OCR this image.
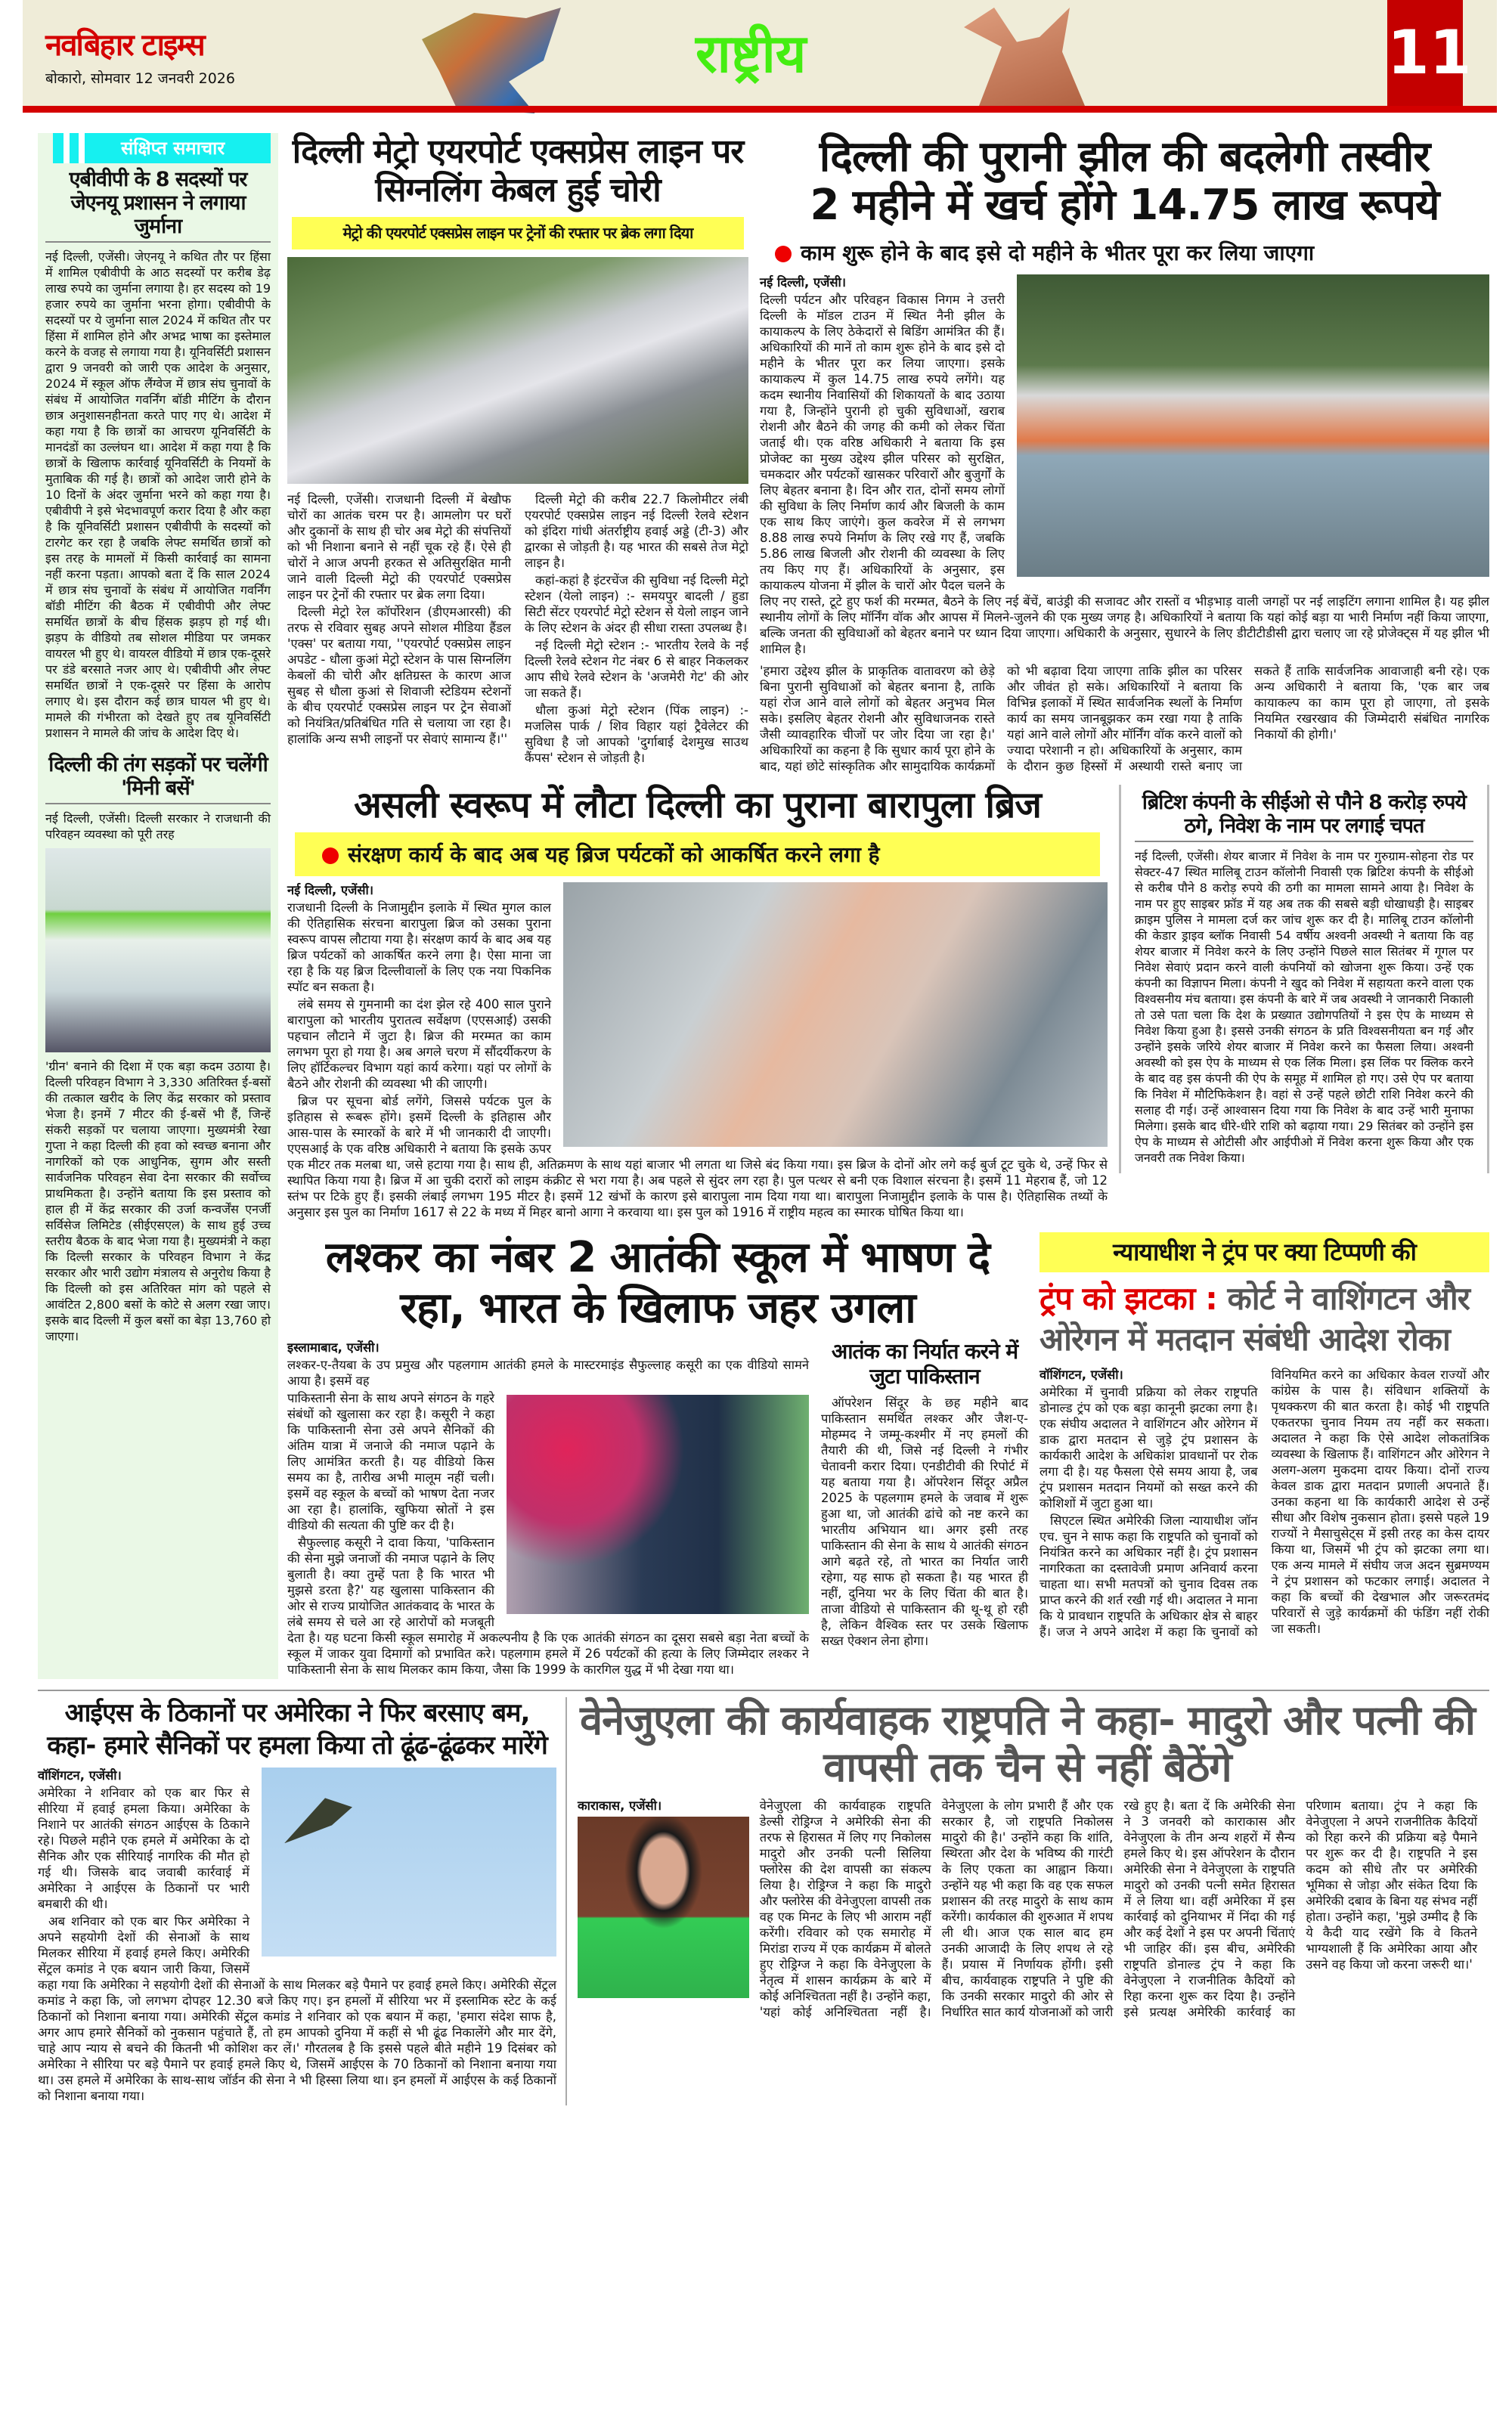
नवबिहार टाइम्स
बोकारो, सोमवार 12 जनवरी 2026	राष्ट्रीय	11
संक्षिप्त समाचार
एबीवीपी के 8 सदस्यों पर जेएनयू प्रशासन ने लगाया जुर्माना

नई दिल्ली, एजेंसी। जेएनयू ने कथित तौर पर हिंसा में शामिल एबीवीपी के आठ सदस्यों पर करीब डेढ़ लाख रुपये का जुर्माना लगाया है। हर सदस्य को 19 हजार रुपये का जुर्माना भरना होगा। एबीवीपी के सदस्यों पर ये जुर्माना साल 2024 में कथित तौर पर हिंसा में शामिल होने और अभद्र भाषा का इस्तेमाल करने के वजह से लगाया गया है। यूनिवर्सिटी प्रशासन द्वारा 9 जनवरी को जारी एक आदेश के अनुसार, 2024 में स्कूल ऑफ लैंग्वेज में छात्र संघ चुनावों के संबंध में आयोजित गवर्निंग बॉडी मीटिंग के दौरान छात्र अनुशासनहीनता करते पाए गए थे। आदेश में कहा गया है कि छात्रों का आचरण यूनिवर्सिटी के मानदंडों का उल्लंघन था। आदेश में कहा गया है कि छात्रों के खिलाफ कार्रवाई यूनिवर्सिटी के नियमों के मुताबिक की गई है। छात्रों को आदेश जारी होने के 10 दिनों के अंदर जुर्माना भरने को कहा गया है। एबीवीपी ने इसे भेदभावपूर्ण करार दिया है और कहा है कि यूनिवर्सिटी प्रशासन एबीवीपी के सदस्यों को टारगेट कर रहा है जबकि लेफ्ट समर्थित छात्रों को इस तरह के मामलों में किसी कार्रवाई का सामना नहीं करना पड़ता। आपको बता दें कि साल 2024 में छात्र संघ चुनावों के संबंध में आयोजित गवर्निंग बॉडी मीटिंग की बैठक में एबीवीपी और लेफ्ट समर्थित छात्रों के बीच हिंसक झड़प हो गई थी। झड़प के वीडियो तब सोशल मीडिया पर जमकर वायरल भी हुए थे। वायरल वीडियो में छात्र एक-दूसरे पर डंडे बरसाते नजर आए थे। एबीवीपी और लेफ्ट समर्थित छात्रों ने एक-दूसरे पर हिंसा के आरोप लगाए थे। इस दौरान कई छात्र घायल भी हुए थे। मामले की गंभीरता को देखते हुए तब यूनिवर्सिटी प्रशासन ने मामले की जांच के आदेश दिए थे।

दिल्ली की तंग सड़कों पर चलेंगी 'मिनी बसें'
नई दिल्ली, एजेंसी। दिल्ली सरकार ने राजधानी की परिवहन व्यवस्था को पूरी तरह

'ग्रीन' बनाने की दिशा में एक बड़ा कदम उठाया है। दिल्ली परिवहन विभाग ने 3,330 अतिरिक्त ई-बसों की तत्काल खरीद के लिए केंद्र सरकार को प्रस्ताव भेजा है। इनमें 7 मीटर की ई-बसें भी हैं, जिन्हें संकरी सड़कों पर चलाया जाएगा। मुख्यमंत्री रेखा गुप्ता ने कहा दिल्ली की हवा को स्वच्छ बनाना और नागरिकों को एक आधुनिक, सुगम और सस्ती सार्वजनिक परिवहन सेवा देना सरकार की सर्वोच्च प्राथमिकता है। उन्होंने बताया कि इस प्रस्ताव को हाल ही में केंद्र सरकार की उर्जा कन्वर्जेंस एनर्जी सर्विसेज लिमिटेड (सीईएसएल) के साथ हुई उच्च स्तरीय बैठक के बाद भेजा गया है। मुख्यमंत्री ने कहा कि दिल्ली सरकार के परिवहन विभाग ने केंद्र सरकार और भारी उद्योग मंत्रालय से अनुरोध किया है कि दिल्ली को इस अतिरिक्त मांग को पहले से आवंटित 2,800 बसों के कोटे से अलग रखा जाए। इसके बाद दिल्ली में कुल बसों का बेड़ा 13,760 हो जाएगा।

दिल्ली मेट्रो एयरपोर्ट एक्सप्रेस लाइन पर सिग्नलिंग केबल हुई चोरी
मेट्रो की एयरपोर्ट एक्सप्रेस लाइन पर ट्रेनों की रफ्तार पर ब्रेक लगा दिया

नई दिल्ली, एजेंसी। राजधानी दिल्ली में बेखौफ चोरों का आतंक चरम पर है। आमलोग पर घरों और दुकानों के साथ ही चोर अब मेट्रो की संपत्तियों को भी निशाना बनाने से नहीं चूक रहे हैं। ऐसे ही चोरों ने आज अपनी हरकत से अतिसुरक्षित मानी जाने वाली दिल्ली मेट्रो की एयरपोर्ट एक्सप्रेस लाइन पर ट्रेनों की रफ्तार पर ब्रेक लगा दिया।

दिल्ली मेट्रो रेल कॉर्पोरेशन (डीएमआरसी) की तरफ से रविवार सुबह अपने सोशल मीडिया हैंडल 'एक्स' पर बताया गया, ''एयरपोर्ट एक्सप्रेस लाइन अपडेट - धौला कुआं मेट्रो स्टेशन के पास सिग्नलिंग केबलों की चोरी और क्षतिग्रस्त के कारण आज सुबह से धौला कुआं से शिवाजी स्टेडियम स्टेशनों के बीच एयरपोर्ट एक्सप्रेस लाइन पर ट्रेन सेवाओं को नियंत्रित/प्रतिबंधित गति से चलाया जा रहा है। हालांकि अन्य सभी लाइनों पर सेवाएं सामान्य हैं।''

दिल्ली मेट्रो की करीब 22.7 किलोमीटर लंबी एयरपोर्ट एक्सप्रेस लाइन नई दिल्ली रेलवे स्टेशन को इंदिरा गांधी अंतर्राष्ट्रीय हवाई अड्डे (टी-3) और द्वारका से जोड़ती है। यह भारत की सबसे तेज मेट्रो लाइन है।

कहां-कहां है इंटरचेंज की सुविधा नई दिल्ली मेट्रो स्टेशन (येलो लाइन) :- समयपुर बादली / हुडा सिटी सेंटर एयरपोर्ट मेट्रो स्टेशन से येलो लाइन जाने के लिए स्टेशन के अंदर ही सीधा रास्ता उपलब्ध है।

नई दिल्ली मेट्रो स्टेशन :- भारतीय रेलवे के नई दिल्ली रेलवे स्टेशन गेट नंबर 6 से बाहर निकलकर आप सीधे रेलवे स्टेशन के 'अजमेरी गेट' की ओर जा सकते हैं।

धौला कुआं मेट्रो स्टेशन (पिंक लाइन) :- मजलिस पार्क / शिव विहार यहां ट्रैवेलेटर की सुविधा है जो आपको 'दुर्गाबाई देशमुख साउथ कैंपस' स्टेशन से जोड़ती है।

दिल्ली की पुरानी झील की बदलेगी तस्वीर
2 महीने में खर्च होंगे 14.75 लाख रूपये
काम शुरू होने के बाद इसे दो महीने के भीतर पूरा कर लिया जाएगा

नई दिल्ली, एजेंसी।

दिल्ली पर्यटन और परिवहन विकास निगम ने उत्तरी दिल्ली के मॉडल टाउन में स्थित नैनी झील के कायाकल्प के लिए ठेकेदारों से बिडिंग आमंत्रित की हैं। अधिकारियों की मानें तो काम शुरू होने के बाद इसे दो महीने के भीतर पूरा कर लिया जाएगा। इसके कायाकल्प में कुल 14.75 लाख रुपये लगेंगे। यह कदम स्थानीय निवासियों की शिकायतों के बाद उठाया गया है, जिन्होंने पुरानी हो चुकी सुविधाओं, खराब रोशनी और बैठने की जगह की कमी को लेकर चिंता जताई थी। एक वरिष्ठ अधिकारी ने बताया कि इस प्रोजेक्ट का मुख्य उद्देश्य झील परिसर को सुरक्षित, चमकदार और पर्यटकों खासकर परिवारों और बुजुर्गों के लिए बेहतर बनाना है। दिन और रात, दोनों समय लोगों की सुविधा के लिए निर्माण कार्य और बिजली के काम एक साथ किए जाएंगे। कुल कवरेज में से लगभग 8.88 लाख रुपये निर्माण के लिए रखे गए हैं, जबकि 5.86 लाख बिजली और रोशनी की व्यवस्था के लिए तय किए गए हैं। अधिकारियों के अनुसार, इस कायाकल्प योजना में झील के चारों ओर पैदल चलने के लिए नए रास्ते, टूटे हुए फर्श की मरम्मत, बैठने के लिए नई बेंचें, बाउंड्री की सजावट और रास्तों व भीड़भाड़ वाली जगहों पर नई लाइटिंग लगाना शामिल है। यह झील स्थानीय लोगों के लिए मॉर्निंग वॉक और आपस में मिलने-जुलने की एक मुख्य जगह है। अधिकारियों ने बताया कि यहां कोई बड़ा या भारी निर्माण नहीं किया जाएगा, बल्कि जनता की सुविधाओं को बेहतर बनाने पर ध्यान दिया जाएगा। अधिकारी के अनुसार, सुधारने के लिए डीटीटीडीसी द्वारा चलाए जा रहे प्रोजेक्ट्स में यह झील भी शामिल है।

'हमारा उद्देश्य झील के प्राकृतिक वातावरण को छेड़े बिना पुरानी सुविधाओं को बेहतर बनाना है, ताकि यहां रोज आने वाले लोगों को बेहतर अनुभव मिल सके। इसलिए बेहतर रोशनी और सुविधाजनक रास्ते जैसी व्यावहारिक चीजों पर जोर दिया जा रहा है।' अधिकारियों का कहना है कि सुधार कार्य पूरा होने के बाद, यहां छोटे सांस्कृतिक और सामुदायिक कार्यक्रमों को भी बढ़ावा दिया जाएगा ताकि झील का परिसर और जीवंत हो सके। अधिकारियों ने बताया कि विभिन्न इलाकों में स्थित सार्वजनिक स्थलों के निर्माण कार्य का समय जानबूझकर कम रखा गया है ताकि यहां आने वाले लोगों और मॉर्निंग वॉक करने वालों को ज्यादा परेशानी न हो। अधिकारियों के अनुसार, काम के दौरान कुछ हिस्सों में अस्थायी रास्ते बनाए जा सकते हैं ताकि सार्वजनिक आवाजाही बनी रहे। एक अन्य अधिकारी ने बताया कि, 'एक बार जब कायाकल्प का काम पूरा हो जाएगा, तो इसके नियमित रखरखाव की जिम्मेदारी संबंधित नागरिक निकायों की होगी।'

असली स्वरूप में लौटा दिल्ली का पुराना बारापुला ब्रिज
संरक्षण कार्य के बाद अब यह ब्रिज पर्यटकों को आकर्षित करने लगा है

नई दिल्ली, एजेंसी।

राजधानी दिल्ली के निजामुद्दीन इलाके में स्थित मुगल काल की ऐतिहासिक संरचना बारापुला ब्रिज को उसका पुराना स्वरूप वापस लौटाया गया है। संरक्षण कार्य के बाद अब यह ब्रिज पर्यटकों को आकर्षित करने लगा है। ऐसा माना जा रहा है कि यह ब्रिज दिल्लीवालों के लिए एक नया पिकनिक स्पॉट बन सकता है।

लंबे समय से गुमनामी का दंश झेल रहे 400 साल पुराने बारापुला को भारतीय पुरातत्व सर्वेक्षण (एएसआई) उसकी पहचान लौटाने में जुटा है। ब्रिज की मरम्मत का काम लगभग पूरा हो गया है। अब अगले चरण में सौंदर्यीकरण के लिए हॉर्टिकल्चर विभाग यहां कार्य करेगा। यहां पर लोगों के बैठने और रोशनी की व्यवस्था भी की जाएगी।

ब्रिज पर सूचना बोर्ड लगेंगे, जिससे पर्यटक पुल के इतिहास से रूबरू होंगे। इसमें दिल्ली के इतिहास और आस-पास के स्मारकों के बारे में भी जानकारी दी जाएगी। एएसआई के एक वरिष्ठ अधिकारी ने बताया कि इसके ऊपर एक मीटर तक मलबा था, जसे हटाया गया है। साथ ही, अतिक्रमण के साथ यहां बाजार भी लगता था जिसे बंद किया गया। इस ब्रिज के दोनों ओर लगे कई बुर्ज टूट चुके थे, उन्हें फिर से स्थापित किया गया है। ब्रिज में आ चुकी दरारों को लाइम कंक्रीट से भरा गया है। अब पहले से सुंदर लग रहा है। पुल पत्थर से बनी एक विशाल संरचना है। इसमें 11 मेहराब हैं, जो 12 स्तंभ पर टिके हुए हैं। इसकी लंबाई लगभग 195 मीटर है। इसमें 12 खंभों के कारण इसे बारापुला नाम दिया गया था। बारापुला निजामुद्दीन इलाके के पास है। ऐतिहासिक तथ्यों के अनुसार इस पुल का निर्माण 1617 से 22 के मध्य में मिहर बानो आगा ने करवाया था। इस पुल को 1916 में राष्ट्रीय महत्व का स्मारक घोषित किया था।

ब्रिटिश कंपनी के सीईओ से पौने 8 करोड़ रुपये ठगे, निवेश के नाम पर लगाई चपत

नई दिल्ली, एजेंसी। शेयर बाजार में निवेश के नाम पर गुरुग्राम-सोहना रोड पर सेक्टर-47 स्थित मालिबू टाउन कॉलोनी निवासी एक ब्रिटिश कंपनी के सीईओ से करीब पौने 8 करोड़ रुपये की ठगी का मामला सामने आया है। निवेश के नाम पर हुए साइबर फ्रॉड में यह अब तक की सबसे बड़ी धोखाधड़ी है। साइबर क्राइम पुलिस ने मामला दर्ज कर जांच शुरू कर दी है। मालिबू टाउन कॉलोनी की केडार ड्राइव ब्लॉक निवासी 54 वर्षीय अश्वनी अवस्थी ने बताया कि वह शेयर बाजार में निवेश करने के लिए उन्होंने पिछले साल सितंबर में गूगल पर निवेश सेवाएं प्रदान करने वाली कंपनियों को खोजना शुरू किया। उन्हें एक कंपनी का विज्ञापन मिला। कंपनी ने खुद को निवेश में सहायता करने वाला एक विश्वसनीय मंच बताया। इस कंपनी के बारे में जब अवस्थी ने जानकारी निकाली तो उसे पता चला कि देश के प्रख्यात उद्योगपतियों ने इस ऐप के माध्यम से निवेश किया हुआ है। इससे उनकी संगठन के प्रति विश्वसनीयता बन गई और उन्होंने इसके जरिये शेयर बाजार में निवेश करने का फैसला लिया। अश्वनी अवस्थी को इस ऐप के माध्यम से एक लिंक मिला। इस लिंक पर क्लिक करने के बाद वह इस कंपनी की ऐप के समूह में शामिल हो गए। उसे ऐप पर बताया कि निवेश में मौटिफिकेशन है। वहां से उन्हें पहले छोटी राशि निवेश करने की सलाह दी गई। उन्हें आश्वासन दिया गया कि निवेश के बाद उन्हें भारी मुनाफा मिलेगा। इसके बाद धीरे-धीरे राशि को बढ़ाया गया। 29 सितंबर को उन्होंने इस ऐप के माध्यम से ओटीसी और आईपीओ में निवेश करना शुरू किया और एक जनवरी तक निवेश किया।

लश्कर का नंबर 2 आतंकी स्कूल में भाषण दे रहा, भारत के खिलाफ जहर उगला

इस्लामाबाद, एजेंसी।

लश्कर-ए-तैयबा के उप प्रमुख और पहलगाम आतंकी हमले के मास्टरमाइंड सैफुल्लाह कसूरी का एक वीडियो सामने आया है। इसमें वह

पाकिस्तानी सेना के साथ अपने संगठन के गहरे संबंधों को खुलासा कर रहा है। कसूरी ने कहा कि पाकिस्तानी सेना उसे अपने सैनिकों की अंतिम यात्रा में जनाजे की नमाज पढ़ाने के लिए आमंत्रित करती है। यह वीडियो किस समय का है, तारीख अभी मालूम नहीं चली। इसमें वह स्कूल के बच्चों को भाषण देता नजर आ रहा है। हालांकि, खुफिया स्रोतों ने इस वीडियो की सत्यता की पुष्टि कर दी है।

सैफुल्लाह कसूरी ने दावा किया, 'पाकिस्तान की सेना मुझे जनाजों की नमाज पढ़ाने के लिए बुलाती है। क्या तुम्हें पता है कि भारत भी मुझसे डरता है?' यह खुलासा पाकिस्तान की ओर से राज्य प्रायोजित आतंकवाद के भारत के लंबे समय से चले आ रहे आरोपों को मजबूती देता है। यह घटना किसी स्कूल समारोह में अकल्पनीय है कि एक आतंकी संगठन का दूसरा सबसे बड़ा नेता बच्चों के स्कूल में जाकर युवा दिमागों को प्रभावित करे। पहलगाम हमले में 26 पर्यटकों की हत्या के लिए जिम्मेदार लश्कर ने पाकिस्तानी सेना के साथ मिलकर काम किया, जैसा कि 1999 के कारगिल युद्ध में भी देखा गया था।

आतंक का निर्यात करने में जुटा पाकिस्तान

ऑपरेशन सिंदूर के छह महीने बाद पाकिस्तान समर्थित लश्कर और जैश-ए-मोहम्मद ने जम्मू-कश्मीर में नए हमलों की तैयारी की थी, जिसे नई दिल्ली ने गंभीर चेतावनी करार दिया। एनडीटीवी की रिपोर्ट में यह बताया गया है। ऑपरेशन सिंदूर अप्रैल 2025 के पहलगाम हमले के जवाब में शुरू हुआ था, जो आतंकी ढांचे को नष्ट करने का भारतीय अभियान था। अगर इसी तरह पाकिस्तान की सेना के साथ ये आतंकी संगठन आगे बढ़ते रहे, तो भारत का निर्यात जारी रहेगा, यह साफ हो सकता है। यह भारत ही नहीं, दुनिया भर के लिए चिंता की बात है। ताजा वीडियो से पाकिस्तान की थू-थू हो रही है, लेकिन वैश्विक स्तर पर उसके खिलाफ सख्त ऐक्शन लेना होगा।

न्यायाधीश ने ट्रंप पर क्या टिप्पणी की
ट्रंप को झटका : कोर्ट ने वाशिंगटन और ओरेगन में मतदान संबंधी आदेश रोका

वॉशिंगटन, एजेंसी।

अमेरिका में चुनावी प्रक्रिया को लेकर राष्ट्रपति डोनाल्ड ट्रंप को एक बड़ा कानूनी झटका लगा है। एक संघीय अदालत ने वाशिंगटन और ओरेगन में डाक द्वारा मतदान से जुड़े ट्रंप प्रशासन के कार्यकारी आदेश के अधिकांश प्रावधानों पर रोक लगा दी है। यह फैसला ऐसे समय आया है, जब ट्रंप प्रशासन मतदान नियमों को सख्त करने की कोशिशों में जुटा हुआ था।

सिएटल स्थित अमेरिकी जिला न्यायाधीश जॉन एच. चुन ने साफ कहा कि राष्ट्रपति को चुनावों को नियंत्रित करने का अधिकार नहीं है। ट्रंप प्रशासन नागरिकता का दस्तावेजी प्रमाण अनिवार्य करना चाहता था। सभी मतपत्रों को चुनाव दिवस तक प्राप्त करने की शर्त रखी गई थी। अदालत ने माना कि ये प्रावधान राष्ट्रपति के अधिकार क्षेत्र से बाहर हैं। जज ने अपने आदेश में कहा कि चुनावों को विनियमित करने का अधिकार केवल राज्यों और कांग्रेस के पास है। संविधान शक्तियों के पृथक्करण की बात करता है। कोई भी राष्ट्रपति एकतरफा चुनाव नियम तय नहीं कर सकता। अदालत ने कहा कि ऐसे आदेश लोकतांत्रिक व्यवस्था के खिलाफ हैं। वाशिंगटन और ओरेगन ने अलग-अलग मुकदमा दायर किया। दोनों राज्य केवल डाक द्वारा मतदान प्रणाली अपनाते हैं। उनका कहना था कि कार्यकारी आदेश से उन्हें सीधा और विशेष नुकसान होता। इससे पहले 19 राज्यों ने मैसाचुसेट्स में इसी तरह का केस दायर किया था, जिसमें भी ट्रंप को झटका लगा था। एक अन्य मामले में संघीय जज अदन सुब्रमण्यम ने ट्रंप प्रशासन को फटकार लगाई। अदालत ने कहा कि बच्चों की देखभाल और जरूरतमंद परिवारों से जुड़े कार्यक्रमों की फंडिंग नहीं रोकी जा सकती।

आईएस के ठिकानों पर अमेरिका ने फिर बरसाए बम, कहा- हमारे सैनिकों पर हमला किया तो ढूंढ-ढूंढकर मारेंगे

वॉशिंगटन, एजेंसी।

अमेरिका ने शनिवार को एक बार फिर से सीरिया में हवाई हमला किया। अमेरिका के निशाने पर आतंकी संगठन आईएस के ठिकाने रहे। पिछले महीने एक हमले में अमेरिका के दो सैनिक और एक सीरियाई नागरिक की मौत हो गई थी। जिसके बाद जवाबी कार्रवाई में अमेरिका ने आईएस के ठिकानों पर भारी बमबारी की थी।

अब शनिवार को एक बार फिर अमेरिका ने अपने सहयोगी देशों की सेनाओं के साथ मिलकर सीरिया में हवाई हमले किए। अमेरिकी सेंट्रल कमांड ने एक बयान जारी किया, जिसमें कहा गया कि अमेरिका ने सहयोगी देशों की सेनाओं के साथ मिलकर बड़े पैमाने पर हवाई हमले किए। अमेरिकी सेंट्रल कमांड ने कहा कि, जो लगभग दोपहर 12.30 बजे किए गए। इन हमलों में सीरिया भर में इस्लामिक स्टेट के कई ठिकानों को निशाना बनाया गया। अमेरिकी सेंट्रल कमांड ने शनिवार को एक बयान में कहा, 'हमारा संदेश साफ है, अगर आप हमारे सैनिकों को नुकसान पहुंचाते हैं, तो हम आपको दुनिया में कहीं से भी ढूंढ निकालेंगे और मार देंगे, चाहे आप न्याय से बचने की कितनी भी कोशिश कर लें।' गौरतलब है कि इससे पहले बीते महीने 19 दिसंबर को अमेरिका ने सीरिया पर बड़े पैमाने पर हवाई हमले किए थे, जिसमें आईएस के 70 ठिकानों को निशाना बनाया गया था। उस हमले में अमेरिका के साथ-साथ जॉर्डन की सेना ने भी हिस्सा लिया था। इन हमलों में आईएस के कई ठिकानों को निशाना बनाया गया।

वेनेजुएला की कार्यवाहक राष्ट्रपति ने कहा- मादुरो और पत्नी की वापसी तक चैन से नहीं बैठेंगे

काराकास, एजेंसी।	वेनेजुएला की कार्यवाहक राष्ट्रपति डेल्सी रोड्रिग्ज ने अमेरिकी सेना की तरफ से हिरासत में लिए गए निकोलस मादुरो और उनकी पत्नी सिलिया फ्लोरेस की देश वापसी का संकल्प लिया है। रोड्रिग्ज ने कहा कि मादुरो और फ्लोरेस की वेनेजुएला वापसी तक वह एक मिनट के लिए भी आराम नहीं करेंगी। रविवार को एक समारोह में मिरांडा राज्य में एक कार्यक्रम में बोलते हुए रोड्रिग्ज ने कहा कि वेनेजुएला के नेतृत्व में शासन कार्यक्रम के बारे में कोई अनिश्चितता नहीं है। उन्होंने कहा, 'यहां कोई अनिश्चितता नहीं है। वेनेजुएला के लोग प्रभारी हैं और एक सरकार है, जो राष्ट्रपति निकोलस मादुरो की है।' उन्होंने कहा कि शांति, स्थिरता और देश के भविष्य की गारंटी के लिए एकता का आह्वान किया। उन्होंने यह भी कहा कि वह एक सफल प्रशासन की तरह मादुरो के साथ काम करेंगी। कार्यकाल की शुरुआत में शपथ ली थी। आज एक साल बाद हम उनकी आजादी के लिए शपथ ले रहे हैं। प्रयास में निर्णायक होंगी। इसी बीच, कार्यवाहक राष्ट्रपति ने पुष्टि की कि उनकी सरकार मादुरो की ओर से निर्धारित सात कार्य योजनाओं को जारी रखे हुए है। बता दें कि अमेरिकी सेना ने 3 जनवरी को काराकास और वेनेजुएला के तीन अन्य शहरों में सैन्य हमले किए थे। इस ऑपरेशन के दौरान अमेरिकी सेना ने वेनेजुएला के राष्ट्रपति मादुरो को उनकी पत्नी समेत हिरासत में ले लिया था। वहीं अमेरिका में इस कार्रवाई को दुनियाभर में निंदा की गई और कई देशों ने इस पर अपनी चिंताएं भी जाहिर कीं। इस बीच, अमेरिकी राष्ट्रपति डोनाल्ड ट्रंप ने कहा कि वेनेजुएला ने राजनीतिक कैदियों को रिहा करना शुरू कर दिया है। उन्होंने इसे प्रत्यक्ष अमेरिकी कार्रवाई का परिणाम बताया। ट्रंप ने कहा कि वेनेजुएला ने अपने राजनीतिक कैदियों को रिहा करने की प्रक्रिया बड़े पैमाने पर शुरू कर दी है। राष्ट्रपति ने इस कदम को सीधे तौर पर अमेरिकी भूमिका से जोड़ा और संकेत दिया कि अमेरिकी दबाव के बिना यह संभव नहीं होता। उन्होंने कहा, 'मुझे उम्मीद है कि ये कैदी याद रखेंगे कि वे कितने भाग्यशाली हैं कि अमेरिका आया और उसने वह किया जो करना जरूरी था।'
